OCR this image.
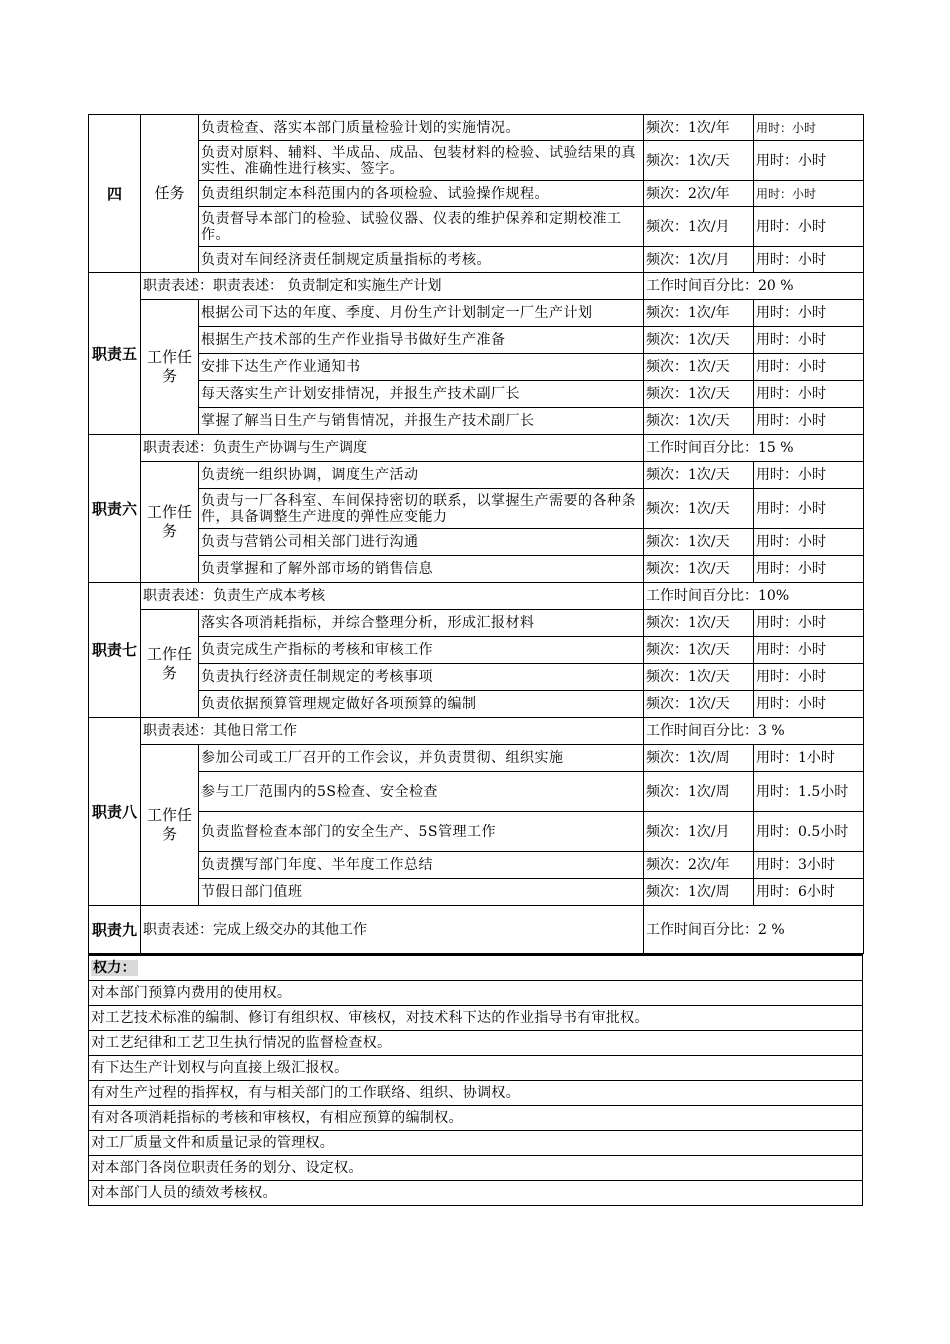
四	任务	负责检查、落实本部门质量检验计划的实施情况。	频次：1次/年	用时：小时
		负责对原料、辅料、半成品、成品、包装材料的检验、试验结果的真实性、准确性进行核实、签字。	频次：1次/天	用时：小时
		负责组织制定本科范围内的各项检验、试验操作规程。	频次：2次/年	用时：小时
		负责督导本部门的检验、试验仪器、仪表的维护保养和定期校准工作。	频次：1次/月	用时：小时
		负责对车间经济责任制规定质量指标的考核。	频次：1次/月	用时：小时
职责五	职责表述：职责表述： 负责制定和实施生产计划		工作时间百分比：20 %	
	工作任务	根据公司下达的年度、季度、月份生产计划制定一厂生产计划	频次：1次/年	用时：小时
		根据生产技术部的生产作业指导书做好生产准备	频次：1次/天	用时：小时
		安排下达生产作业通知书	频次：1次/天	用时：小时
		每天落实生产计划安排情况，并报生产技术副厂长	频次：1次/天	用时：小时
		掌握了解当日生产与销售情况，并报生产技术副厂长	频次：1次/天	用时：小时
职责六	职责表述：负责生产协调与生产调度		工作时间百分比：15 %	
	工作任务	负责统一组织协调，调度生产活动	频次：1次/天	用时：小时
		负责与一厂各科室、车间保持密切的联系，以掌握生产需要的各种条件，具备调整生产进度的弹性应变能力	频次：1次/天	用时：小时
		负责与营销公司相关部门进行沟通	频次：1次/天	用时：小时
		负责掌握和了解外部市场的销售信息	频次：1次/天	用时：小时
职责七	职责表述：负责生产成本考核		工作时间百分比：10%	
	工作任务	落实各项消耗指标，并综合整理分析，形成汇报材料	频次：1次/天	用时：小时
		负责完成生产指标的考核和审核工作	频次：1次/天	用时：小时
		负责执行经济责任制规定的考核事项	频次：1次/天	用时：小时
		负责依据预算管理规定做好各项预算的编制	频次：1次/天	用时：小时
职责八	职责表述：其他日常工作		工作时间百分比：3 %	
	工作任务	参加公司或工厂召开的工作会议，并负责贯彻、组织实施	频次：1次/周	用时：1小时
		参与工厂范围内的5S检查、安全检查	频次：1次/周	用时：1.5小时
		负责监督检查本部门的安全生产、5S管理工作	频次：1次/月	用时：0.5小时
		负责撰写部门年度、半年度工作总结	频次：2次/年	用时：3小时
		节假日部门值班	频次：1次/周	用时：6小时
职责九	职责表述：完成上级交办的其他工作		工作时间百分比：2 %	
权力：
对本部门预算内费用的使用权。
对工艺技术标准的编制、修订有组织权、审核权，对技术科下达的作业指导书有审批权。
对工艺纪律和工艺卫生执行情况的监督检查权。
有下达生产计划权与向直接上级汇报权。
有对生产过程的指挥权，有与相关部门的工作联络、组织、协调权。
有对各项消耗指标的考核和审核权，有相应预算的编制权。
对工厂质量文件和质量记录的管理权。
对本部门各岗位职责任务的划分、设定权。
对本部门人员的绩效考核权。
